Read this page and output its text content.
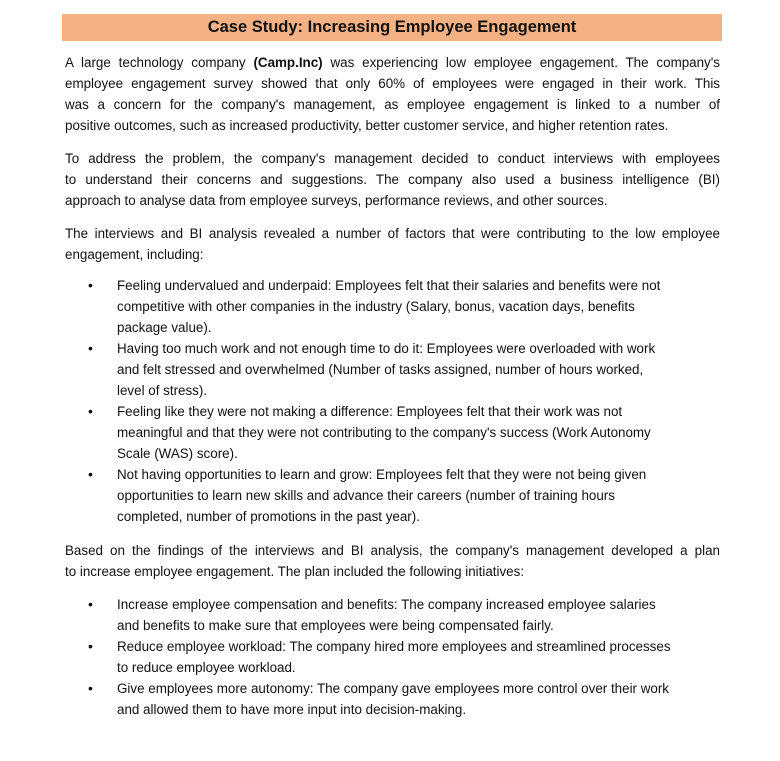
Case Study: Increasing Employee Engagement
A large technology company (Camp.Inc) was experiencing low employee engagement. The company's
employee engagement survey showed that only 60% of employees were engaged in their work. This
was a concern for the company's management, as employee engagement is linked to a number of
positive outcomes, such as increased productivity, better customer service, and higher retention rates.
To address the problem, the company's management decided to conduct interviews with employees
to understand their concerns and suggestions. The company also used a business intelligence (BI)
approach to analyse data from employee surveys, performance reviews, and other sources.
The interviews and BI analysis revealed a number of factors that were contributing to the low employee
engagement, including:
• Feeling undervalued and underpaid: Employees felt that their salaries and benefits were not
competitive with other companies in the industry (Salary, bonus, vacation days, benefits
package value).
• Having too much work and not enough time to do it: Employees were overloaded with work
and felt stressed and overwhelmed (Number of tasks assigned, number of hours worked,
level of stress).
• Feeling like they were not making a difference: Employees felt that their work was not
meaningful and that they were not contributing to the company's success (Work Autonomy
Scale (WAS) score).
• Not having opportunities to learn and grow: Employees felt that they were not being given
opportunities to learn new skills and advance their careers (number of training hours
completed, number of promotions in the past year).
Based on the findings of the interviews and BI analysis, the company's management developed a plan
to increase employee engagement. The plan included the following initiatives:
• Increase employee compensation and benefits: The company increased employee salaries
and benefits to make sure that employees were being compensated fairly.
• Reduce employee workload: The company hired more employees and streamlined processes
to reduce employee workload.
• Give employees more autonomy: The company gave employees more control over their work
and allowed them to have more input into decision-making.
